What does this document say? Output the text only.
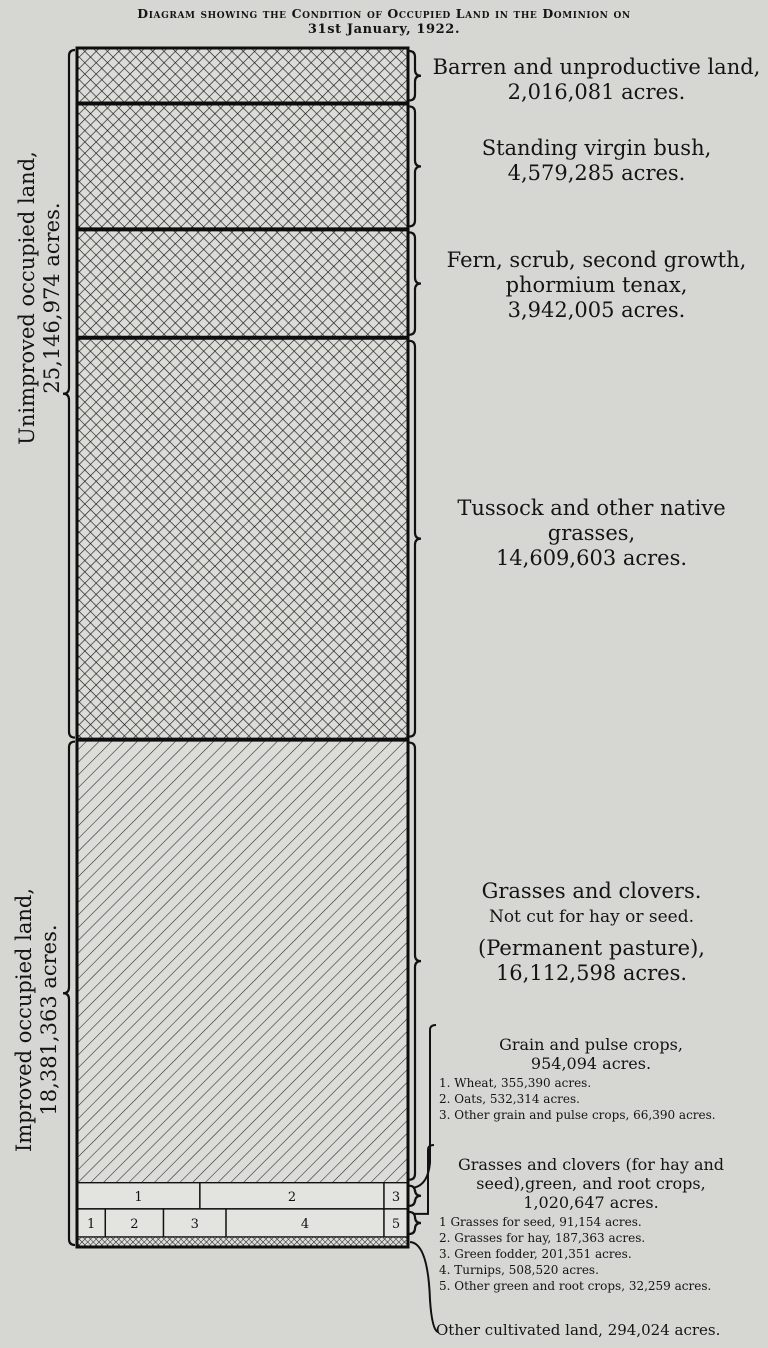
1	2	3
1	2	3	4	5
Diagram showing the Condition of Occupied Land in the Dominion on
31st January, 1922.
Unimproved occupied land, 25,146,974 acres.
Improved occupied land, 18,381,363 acres.
Barren and unproductive land,
2,016,081 acres.
Standing virgin bush,
4,579,285 acres.
Fern, scrub, second growth,
phormium tenax,
3,942,005 acres.
Tussock and other native
grasses,
14,609,603 acres.
Grasses and clovers.
Not cut for hay or seed.
(Permanent pasture),
16,112,598 acres.
Grain and pulse crops,
954,094 acres.
1. Wheat, 355,390 acres.
2. Oats, 532,314 acres.
3. Other grain and pulse crops, 66,390 acres.
Grasses and clovers (for hay and
seed),green, and root crops,
1,020,647 acres.
1 Grasses for seed, 91,154 acres.
2. Grasses for hay, 187,363 acres.
3. Green fodder, 201,351 acres.
4. Turnips, 508,520 acres.
5. Other green and root crops, 32,259 acres.
Other cultivated land, 294,024 acres.
